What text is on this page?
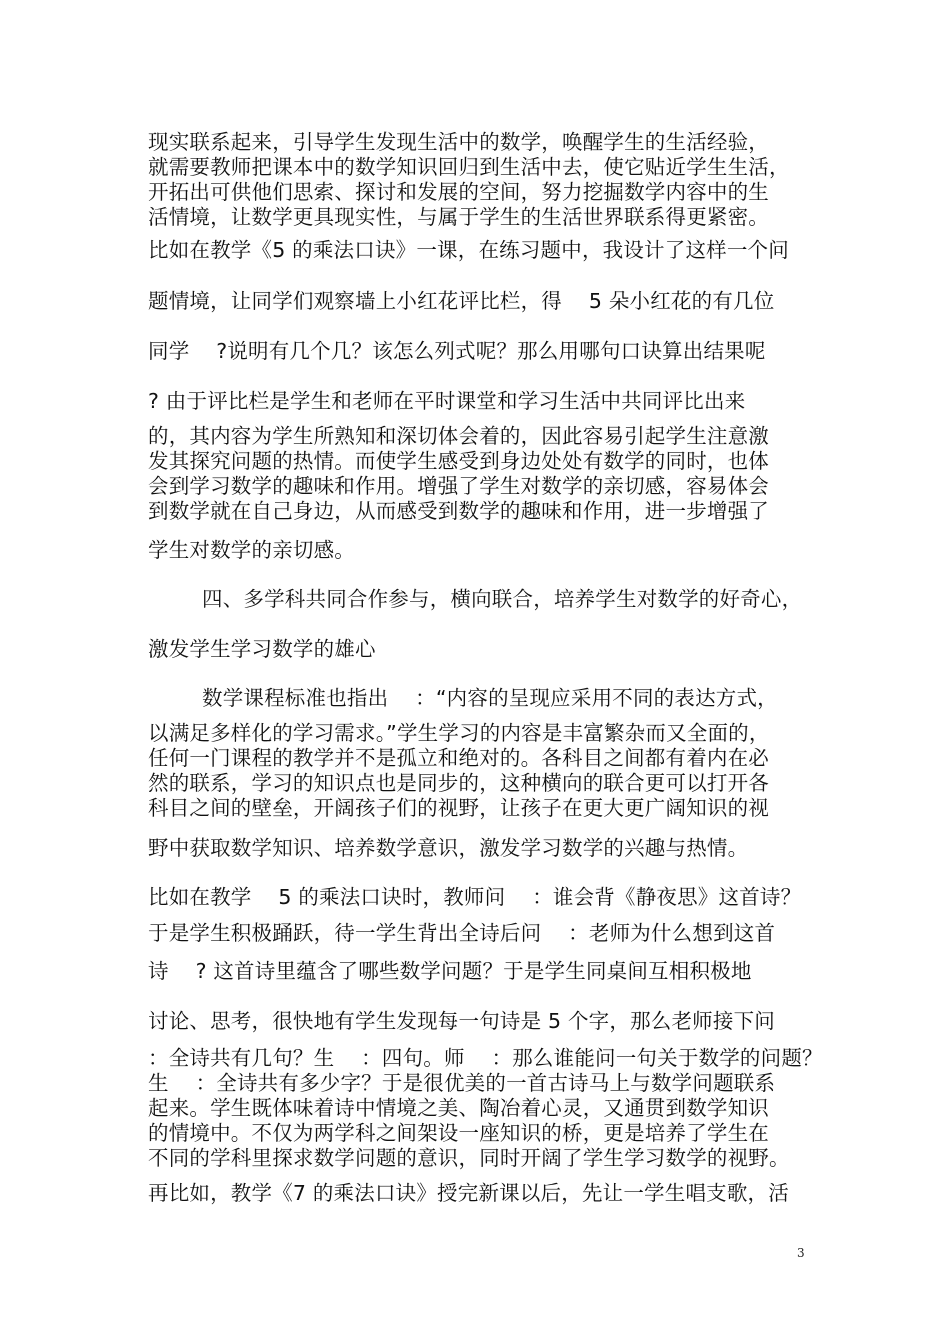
现实联系起来，引导学生发现生活中的数学，唤醒学生的生活经验，
就需要教师把课本中的数学知识回归到生活中去，使它贴近学生生活，
开拓出可供他们思索、探讨和发展的空间，努力挖掘数学内容中的生
活情境，让数学更具现实性，与属于学生的生活世界联系得更紧密。
比如在教学《5 的乘法口诀》一课，在练习题中，我设计了这样一个问
题情境，让同学们观察墙上小红花评比栏，得    5 朵小红花的有几位
同学    ?说明有几个几？该怎么列式呢？那么用哪句口诀算出结果呢
? 由于评比栏是学生和老师在平时课堂和学习生活中共同评比出来
的，其内容为学生所熟知和深切体会着的，因此容易引起学生注意激
发其探究问题的热情。而使学生感受到身边处处有数学的同时，也体
会到学习数学的趣味和作用。增强了学生对数学的亲切感，容易体会
到数学就在自己身边，从而感受到数学的趣味和作用，进一步增强了
学生对数学的亲切感。
四、多学科共同合作参与，横向联合，培养学生对数学的好奇心，
激发学生学习数学的雄心
数学课程标准也指出    ：“内容的呈现应采用不同的表达方式，
以满足多样化的学习需求。”学生学习的内容是丰富繁杂而又全面的，
任何一门课程的教学并不是孤立和绝对的。各科目之间都有着内在必
然的联系，学习的知识点也是同步的，这种横向的联合更可以打开各
科目之间的壁垒，开阔孩子们的视野，让孩子在更大更广阔知识的视
野中获取数学知识、培养数学意识，激发学习数学的兴趣与热情。
比如在教学    5 的乘法口诀时，教师问    ：谁会背《静夜思》这首诗？
于是学生积极踊跃，待一学生背出全诗后问    ：老师为什么想到这首
诗    ? 这首诗里蕴含了哪些数学问题？于是学生同桌间互相积极地
讨论、思考，很快地有学生发现每一句诗是 5 个字，那么老师接下问
：全诗共有几句？生    ：四句。师    ：那么谁能问一句关于数学的问题？
生    ：全诗共有多少字？于是很优美的一首古诗马上与数学问题联系
起来。学生既体味着诗中情境之美、陶冶着心灵，又通贯到数学知识
的情境中。不仅为两学科之间架设一座知识的桥，更是培养了学生在
不同的学科里探求数学问题的意识，同时开阔了学生学习数学的视野。
再比如，教学《7 的乘法口诀》授完新课以后，先让一学生唱支歌，活
3
